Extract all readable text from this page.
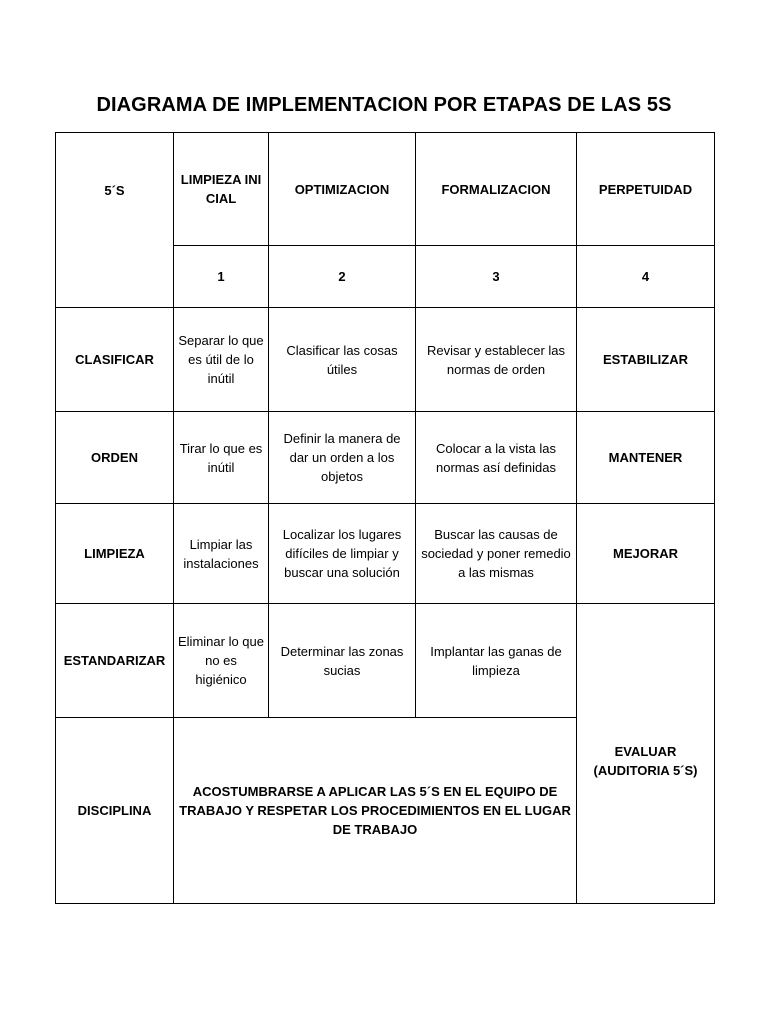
DIAGRAMA DE IMPLEMENTACION POR ETAPAS DE LAS 5S
5´S	LIMPIEZA INICIAL	OPTIMIZACION	FORMALIZACION	PERPETUIDAD
	1	2	3	4
CLASIFICAR	Separar lo que es útil de lo inútil	Clasificar las cosas útiles	Revisar y establecer las normas de orden	ESTABILIZAR
ORDEN	Tirar lo que es inútil	Definir la manera de dar un orden a los objetos	Colocar a la vista las normas así definidas	MANTENER
LIMPIEZA	Limpiar las instalaciones	Localizar los lugares difíciles de limpiar y buscar una solución	Buscar las causas de sociedad y poner remedio a las mismas	MEJORAR
ESTANDARIZAR	Eliminar lo que no es higiénico	Determinar las zonas sucias	Implantar las ganas de limpieza	EVALUAR (AUDITORIA 5´S)
DISCIPLINA	ACOSTUMBRARSE A APLICAR LAS 5´S EN EL EQUIPO DE TRABAJO Y RESPETAR LOS PROCEDIMIENTOS EN EL LUGAR DE TRABAJO			
